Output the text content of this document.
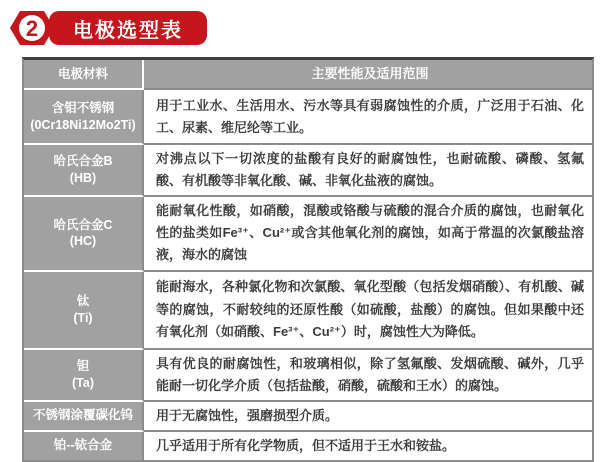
2 电极选型表
电极材料	主要性能及适用范围
含钼不锈钢
(0Cr18Ni12Mo2Ti)
用于工业水、生活用水、污水等具有弱腐蚀性的介质，广泛用于石油、化工、尿素、维尼纶等工业。
哈氏合金B
(HB)
对沸点以下一切浓度的盐酸有良好的耐腐蚀性，也耐硫酸、磷酸、氢氟酸、有机酸等非氧化酸、碱、非氧化盐液的腐蚀。
哈氏合金C
(HC)
能耐氧化性酸，如硝酸，混酸或铬酸与硫酸的混合介质的腐蚀，也耐氧化性的盐类如Fe³⁺、Cu²⁺或含其他氧化剂的腐蚀，如高于常温的次氯酸盐溶液，海水的腐蚀
钛
(Ti)
能耐海水，各种氯化物和次氯酸、氧化型酸（包括发烟硝酸）、有机酸、碱等的腐蚀，不耐较纯的还原性酸（如硫酸，盐酸）的腐蚀。但如果酸中还有氧化剂（如硝酸、Fe³⁺、Cu²⁺）时，腐蚀性大为降低。
钽
(Ta)
具有优良的耐腐蚀性，和玻璃相似，除了氢氟酸、发烟硫酸、碱外，几乎能耐一切化学介质（包括盐酸，硝酸，硫酸和王水）的腐蚀。
不锈钢涂覆碳化钨 用于无腐蚀性，强磨损型介质。
铂--铱合金	几乎适用于所有化学物质，但不适用于王水和铵盐。
